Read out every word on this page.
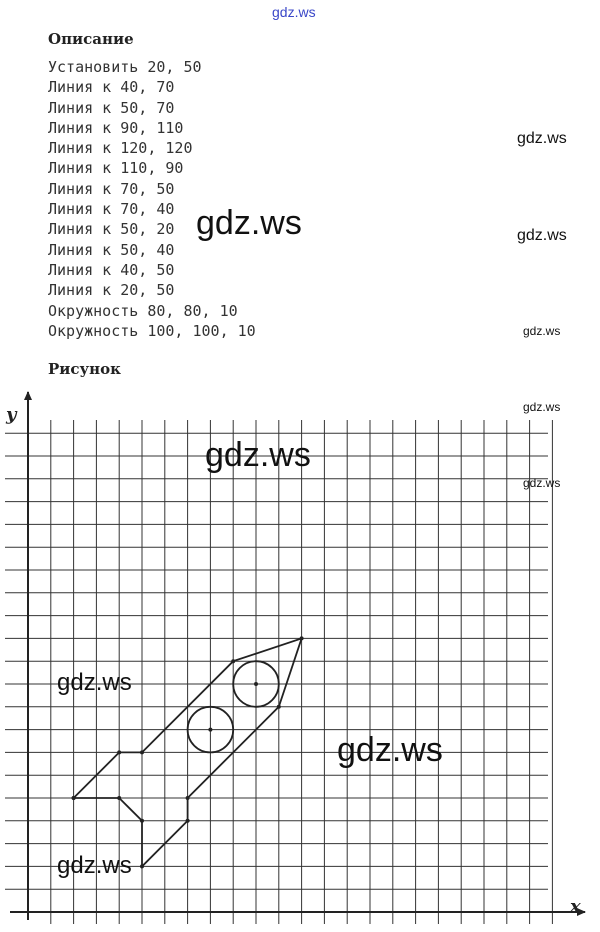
gdz.ws
Описание
Установить 20, 50
Линия к 40, 70
Линия к 50, 70
Линия к 90, 110
Линия к 120, 120
Линия к 110, 90
Линия к 70, 50
Линия к 70, 40
Линия к 50, 20
Линия к 50, 40
Линия к 40, 50
Линия к 20, 50
Окружность 80, 80, 10
Окружность 100, 100, 10
Рисунок
x
y
gdz.ws
gdz.ws	gdz.ws
gdz.ws
gdz.ws
gdz.ws
gdz.ws
gdz.ws
gdz.ws
gdz.ws
